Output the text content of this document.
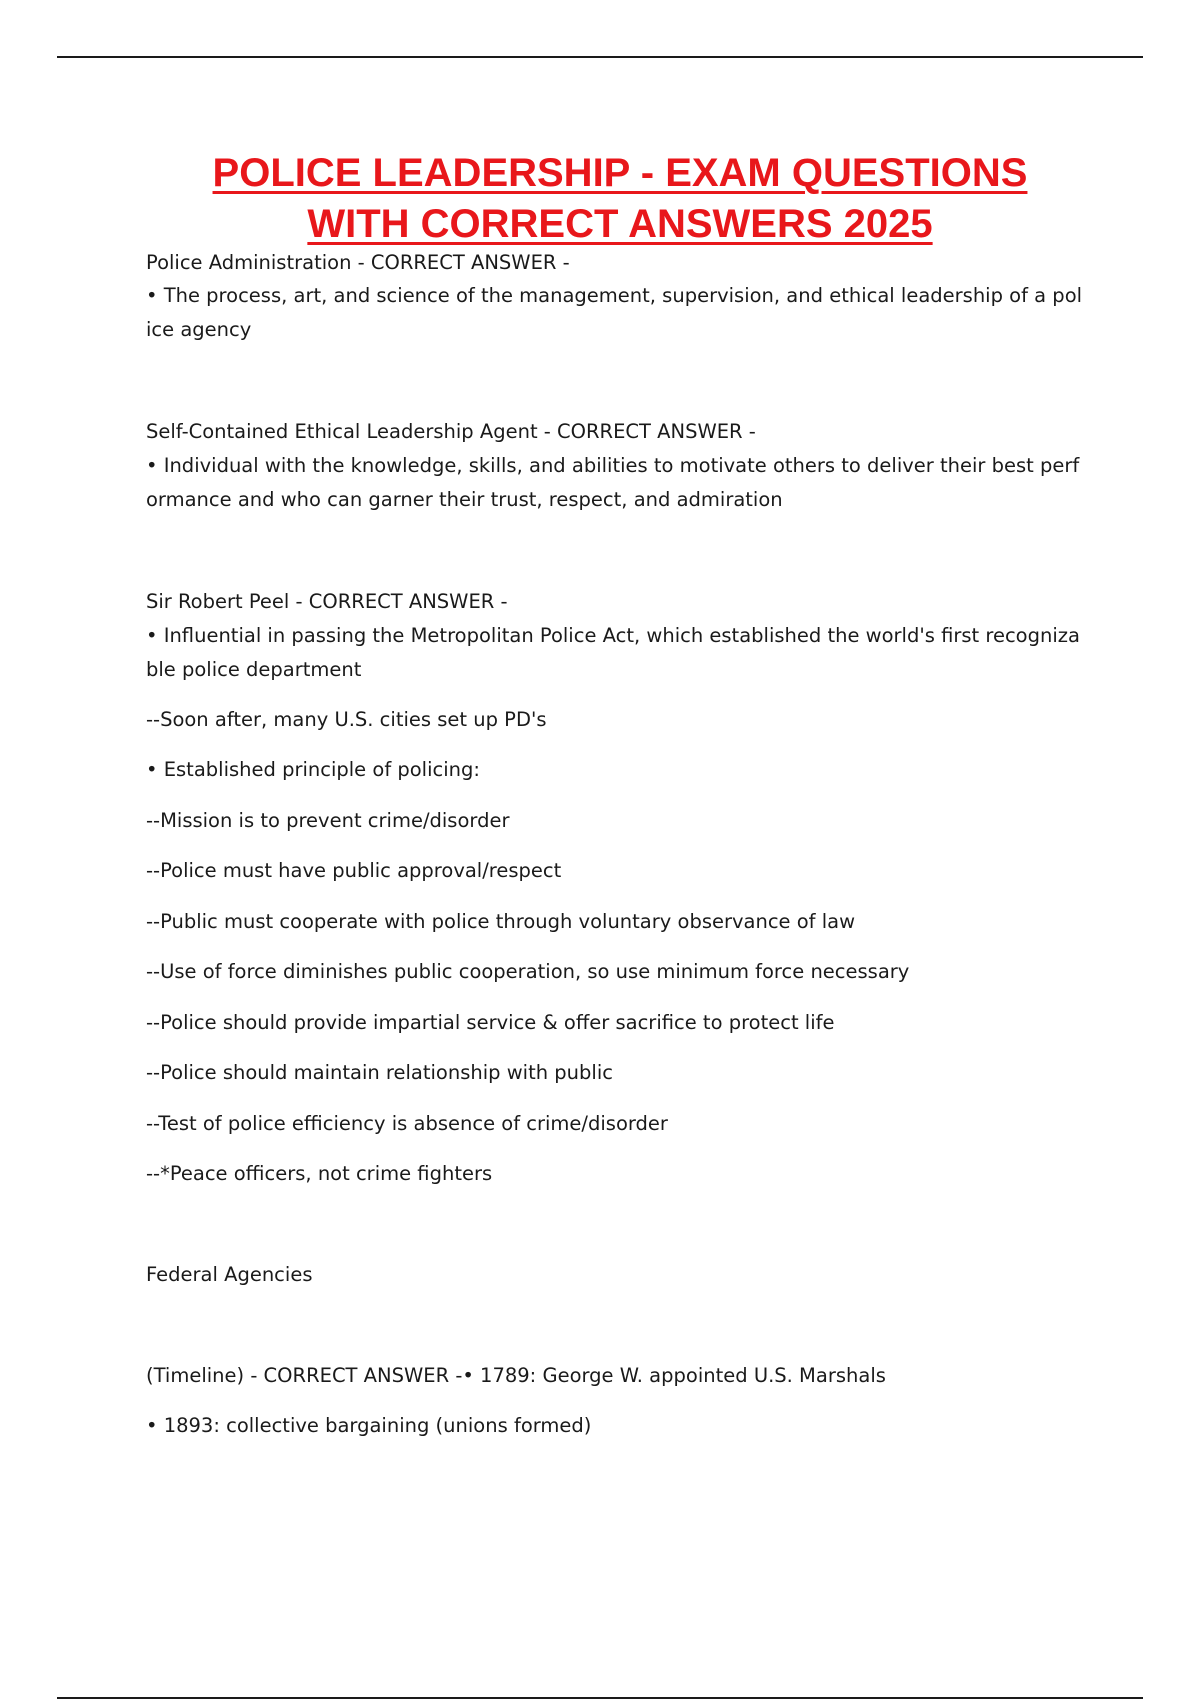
POLICE LEADERSHIP - EXAM QUESTIONS
WITH CORRECT ANSWERS 2025

Police Administration - CORRECT ANSWER -

• The process, art, and science of the management, supervision, and ethical leadership of a police agency

Self-Contained Ethical Leadership Agent - CORRECT ANSWER -

• Individual with the knowledge, skills, and abilities to motivate others to deliver their best performance and who can garner their trust, respect, and admiration

Sir Robert Peel - CORRECT ANSWER -

• Influential in passing the Metropolitan Police Act, which established the world's first recognizable police department

--Soon after, many U.S. cities set up PD's

• Established principle of policing:

--Mission is to prevent crime/disorder

--Police must have public approval/respect

--Public must cooperate with police through voluntary observance of law

--Use of force diminishes public cooperation, so use minimum force necessary

--Police should provide impartial service & offer sacrifice to protect life

--Police should maintain relationship with public

--Test of police efficiency is absence of crime/disorder

--*Peace officers, not crime fighters

Federal Agencies

(Timeline) - CORRECT ANSWER -• 1789: George W. appointed U.S. Marshals

• 1893: collective bargaining (unions formed)
